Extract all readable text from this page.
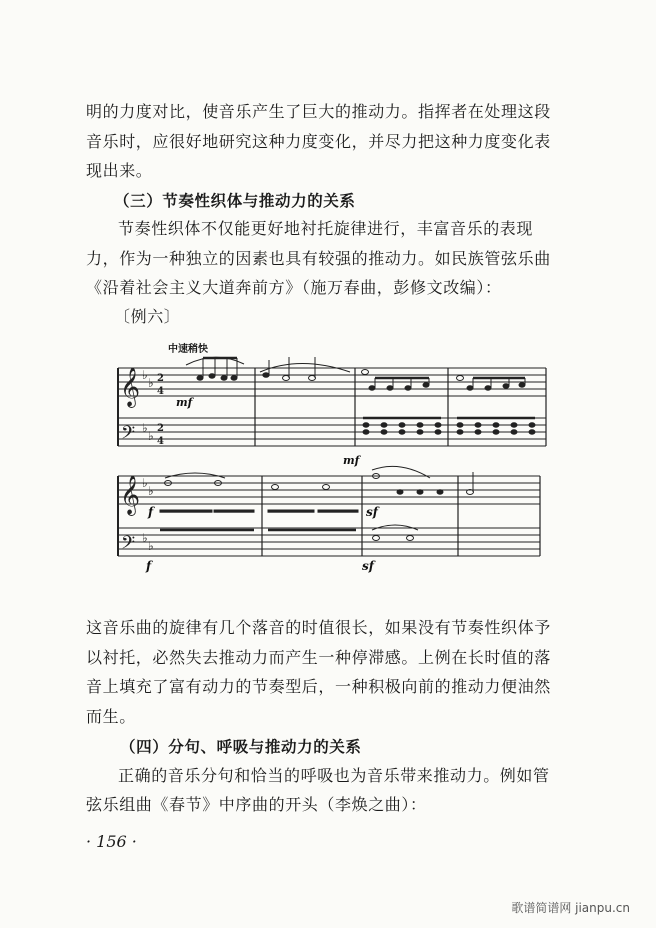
明的力度对比，使音乐产生了巨大的推动力。指挥者在处理这段
音乐时，应很好地研究这种力度变化，并尽力把这种力度变化表
现出来。
（三）节奏性织体与推动力的关系
节奏性织体不仅能更好地衬托旋律进行，丰富音乐的表现
力，作为一种独立的因素也具有较强的推动力。如民族管弦乐曲
《沿着社会主义大道奔前方》（施万春曲，彭修文改编）：
〔例六〕
𝄞
𝄢
𝄞
𝄢
♭
♭
♭
♭
♭
♭
♭
♭
2
4
2
4
中速稍快
mf
mf
f
f
sf
sf
这音乐曲的旋律有几个落音的时值很长，如果没有节奏性织体予
以衬托，必然失去推动力而产生一种停滞感。上例在长时值的落
音上填充了富有动力的节奏型后，一种积极向前的推动力便油然
而生。
（四）分句、呼吸与推动力的关系
正确的音乐分句和恰当的呼吸也为音乐带来推动力。例如管
弦乐组曲《春节》中序曲的开头（李焕之曲）：
· 156 ·
歌谱简谱网 jianpu.cn
